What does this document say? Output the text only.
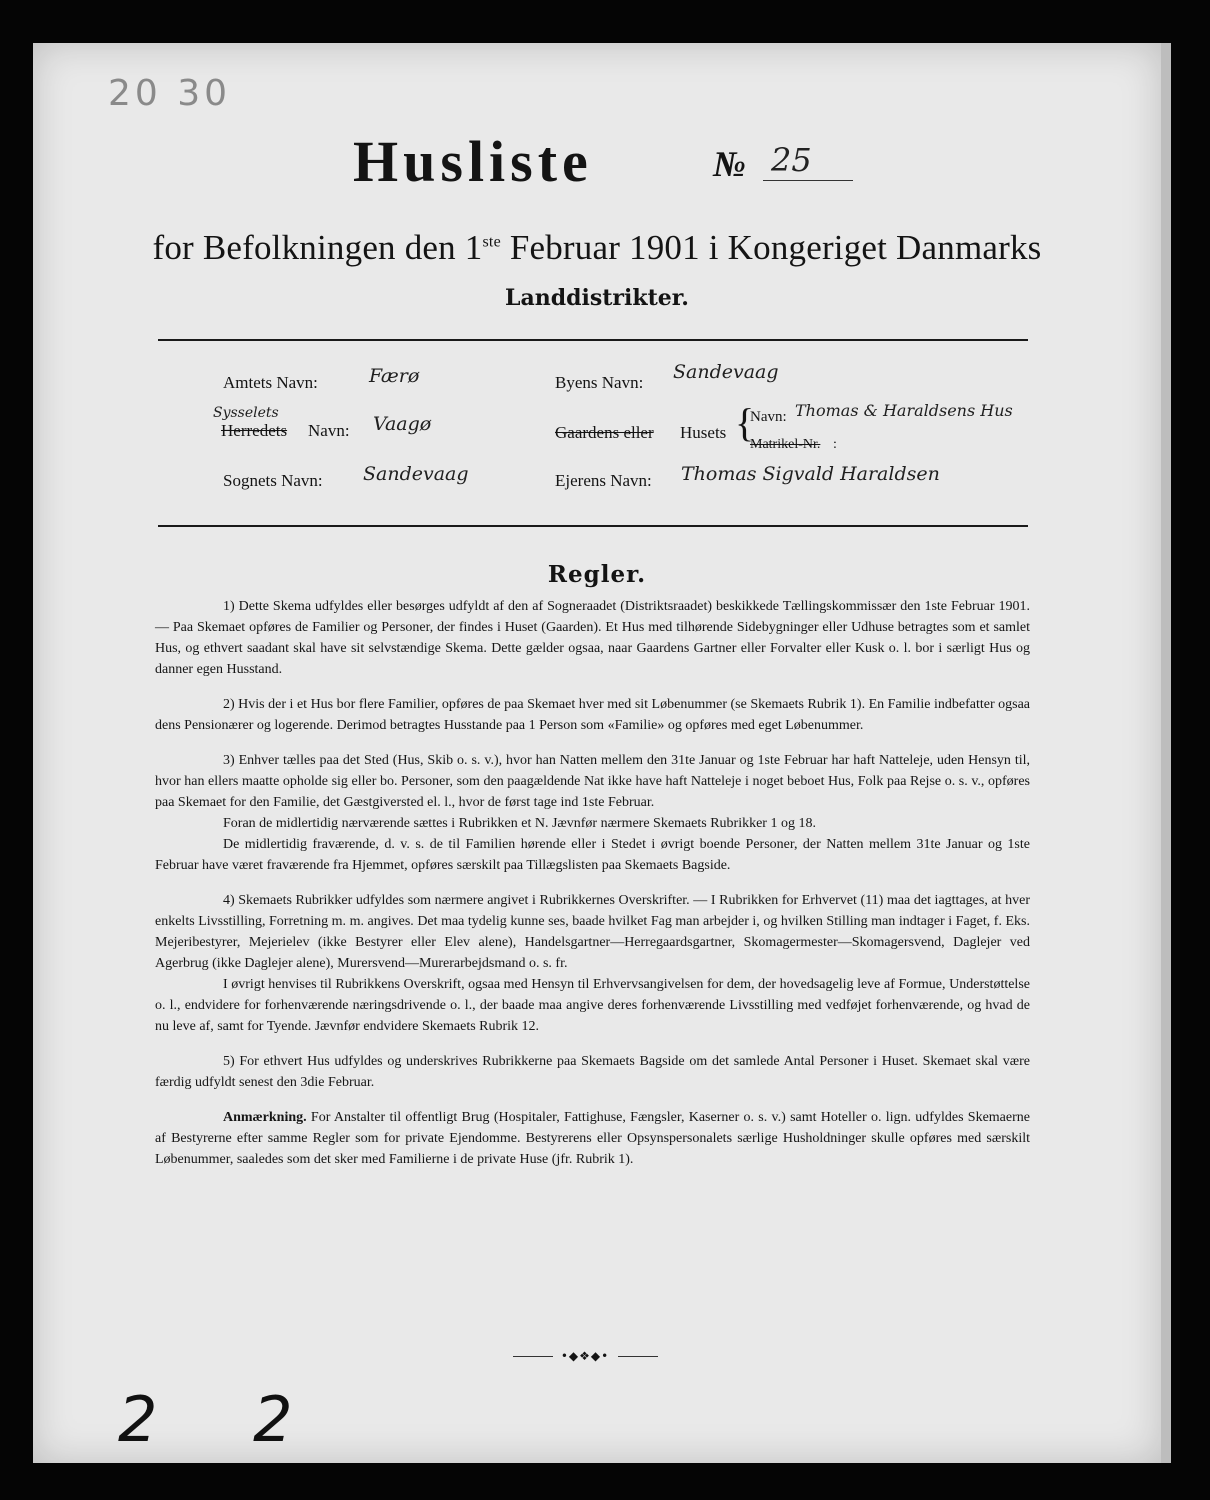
20 30
Husliste	№ 25
for Befolkningen den 1ste Februar 1901 i Kongeriget Danmarks
Landdistrikter.
Amtets Navn:	Færø
Sysselets
Herredets Navn: Vaagø
Sognets Navn: Sandevaag
Byens Navn: Sandevaag
Gaardens eller Husets {
Navn: Thomas & Haraldsens Hus
Matrikel-Nr. :
Ejerens Navn: Thomas Sigvald Haraldsen
Regler.

1) Dette Skema udfyldes eller besørges udfyldt af den af Sogneraadet (Distriktsraadet) beskikkede Tællingskommissær den 1ste Februar 1901. — Paa Skemaet opføres de Familier og Personer, der findes i Huset (Gaarden). Et Hus med tilhørende Sidebygninger eller Udhuse betragtes som et samlet Hus, og ethvert saadant skal have sit selvstændige Skema. Dette gælder ogsaa, naar Gaardens Gartner eller Forvalter eller Kusk o. l. bor i særligt Hus og danner egen Husstand.

2) Hvis der i et Hus bor flere Familier, opføres de paa Skemaet hver med sit Løbenummer (se Skemaets Rubrik 1). En Familie indbefatter ogsaa dens Pensionærer og logerende. Derimod betragtes Husstande paa 1 Person som «Familie» og opføres med eget Løbenummer.

3) Enhver tælles paa det Sted (Hus, Skib o. s. v.), hvor han Natten mellem den 31te Januar og 1ste Februar har haft Natteleje, uden Hensyn til, hvor han ellers maatte opholde sig eller bo. Personer, som den paagældende Nat ikke have haft Natteleje i noget beboet Hus, Folk paa Rejse o. s. v., opføres paa Skemaet for den Familie, det Gæstgiversted el. l., hvor de først tage ind 1ste Februar.

Foran de midlertidig nærværende sættes i Rubrikken et N. Jævnfør nærmere Skemaets Rubrikker 1 og 18.

De midlertidig fraværende, d. v. s. de til Familien hørende eller i Stedet i øvrigt boende Personer, der Natten mellem 31te Januar og 1ste Februar have været fraværende fra Hjemmet, opføres særskilt paa Tillægslisten paa Skemaets Bagside.

4) Skemaets Rubrikker udfyldes som nærmere angivet i Rubrikkernes Overskrifter. — I Rubrikken for Erhvervet (11) maa det iagttages, at hver enkelts Livsstilling, Forretning m. m. angives. Det maa tydelig kunne ses, baade hvilket Fag man arbejder i, og hvilken Stilling man indtager i Faget, f. Eks. Mejeribestyrer, Mejerielev (ikke Bestyrer eller Elev alene), Handelsgartner—Herregaardsgartner, Skomagermester—Skomagersvend, Daglejer ved Agerbrug (ikke Daglejer alene), Murersvend—Murerarbejdsmand o. s. fr.

I øvrigt henvises til Rubrikkens Overskrift, ogsaa med Hensyn til Erhvervsangivelsen for dem, der hovedsagelig leve af Formue, Understøttelse o. l., endvidere for forhenværende næringsdrivende o. l., der baade maa angive deres forhenværende Livsstilling med vedføjet forhenværende, og hvad de nu leve af, samt for Tyende. Jævnfør endvidere Skemaets Rubrik 12.

5) For ethvert Hus udfyldes og underskrives Rubrikkerne paa Skemaets Bagside om det samlede Antal Personer i Huset. Skemaet skal være færdig udfyldt senest den 3die Februar.

Anmærkning. For Anstalter til offentligt Brug (Hospitaler, Fattighuse, Fængsler, Kaserner o. s. v.) samt Hoteller o. lign. udfyldes Skemaerne af Bestyrerne efter samme Regler som for private Ejendomme. Bestyrerens eller Opsynspersonalets særlige Husholdninger skulle opføres med særskilt Løbenummer, saaledes som det sker med Familierne i de private Huse (jfr. Rubrik 1).

•◆❖◆•
2 2
